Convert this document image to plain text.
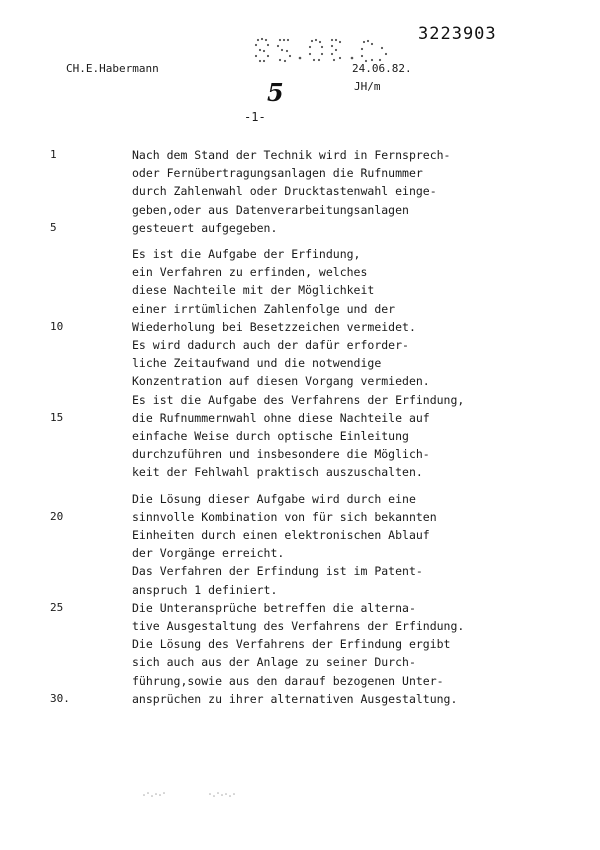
3223903
CH.E.Habermann	24.06.82.
JH/m
5
-1-
1
5
10
15
20
25
30.
Nach dem Stand der Technik wird in Fernsprech-
oder Fernübertragungsanlagen die Rufnummer
durch Zahlenwahl oder Drucktastenwahl einge-
geben,oder aus Datenverarbeitungsanlagen
gesteuert aufgegeben.
Es ist die Aufgabe der Erfindung,
ein Verfahren zu erfinden, welches
diese Nachteile mit der Möglichkeit
einer irrtümlichen Zahlenfolge und der
Wiederholung bei Besetzzeichen vermeidet.
Es wird dadurch auch der dafür erforder-
liche Zeitaufwand und die notwendige
Konzentration auf diesen Vorgang vermieden.
Es ist die Aufgabe des Verfahrens der Erfindung,
die Rufnummernwahl ohne diese Nachteile auf
einfache Weise durch optische Einleitung
durchzuführen und insbesondere die Möglich-
keit der Fehlwahl praktisch auszuschalten.
Die Lösung dieser Aufgabe wird durch eine
sinnvolle Kombination von für sich bekannten
Einheiten durch einen elektronischen Ablauf
der Vorgänge erreicht.
Das Verfahren der Erfindung ist im Patent-
anspruch 1 definiert.
Die Unteransprüche betreffen die alterna-
tive Ausgestaltung des Verfahrens der Erfindung.
Die Lösung des Verfahrens der Erfindung ergibt
sich auch aus der Anlage zu seiner Durch-
führung,sowie aus den darauf bezogenen Unter-
ansprüchen zu ihrer alternativen Ausgestaltung.
